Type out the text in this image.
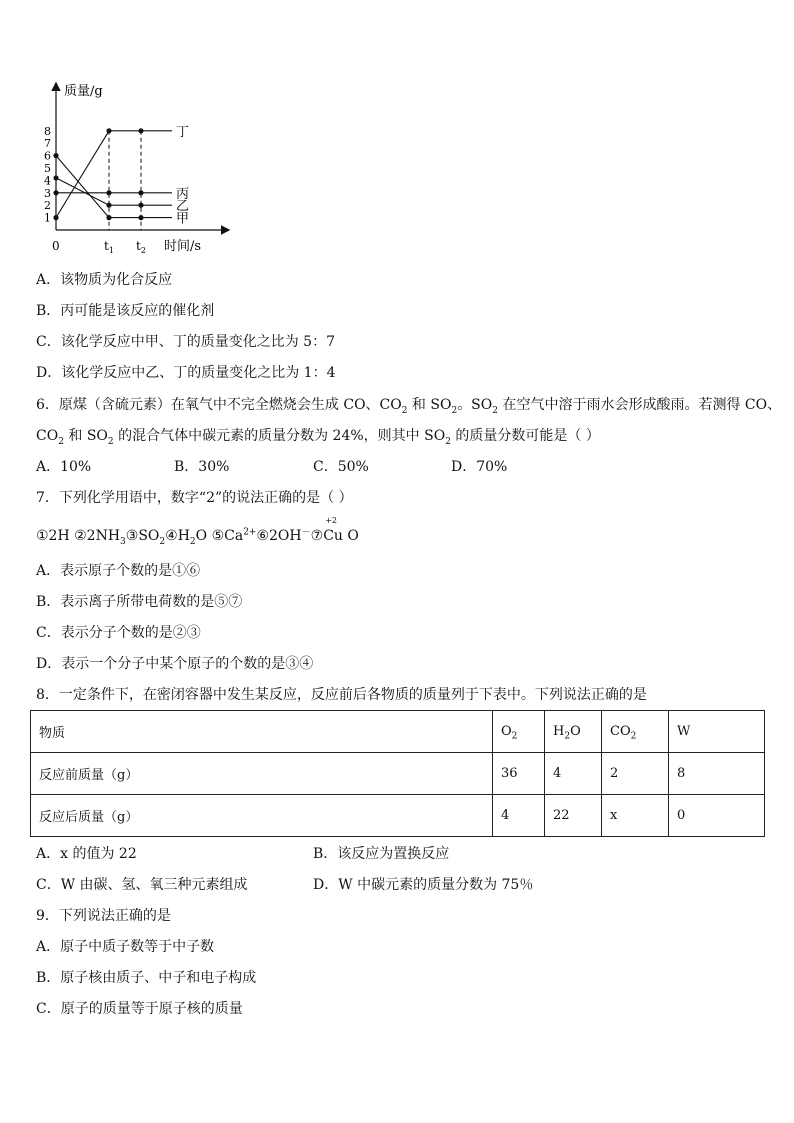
质量/g
时间/s
0
1
2
3
4
5
6
7
8
$t_1$ $t_2$
丁
丙
乙
甲
A．该物质为化合反应
B．丙可能是该反应的催化剂
C．该化学反应中甲、丁的质量变化之比为 5：7
D．该化学反应中乙、丁的质量变化之比为 1：4
6．原煤（含硫元素）在氧气中不完全燃烧会生成 CO、$CO_2$ 和 $SO_2$。$SO_2$ 在空气中溶于雨水会形成酸雨。若测得 CO、
$CO_2$ 和 $SO_2$ 的混合气体中碳元素的质量分数为 24%，则其中 $SO_2$ 的质量分数可能是（ ）
A．10%	B．30%	C．50%	D．70%
7．下列化学用语中，数字“2”的说法正确的是（ ）
①2H $②2NH_3③SO_2④H_2O$ $⑤Ca^{2+}⑥2OH^-⑦$
+2
Cu O
A．表示原子个数的是①⑥
B．表示离子所带电荷数的是⑤⑦
C．表示分子个数的是②③
D．表示一个分子中某个原子的个数的是③④
8．一定条件下，在密闭容器中发生某反应，反应前后各物质的质量列于下表中。下列说法正确的是
物质	$O_2$	$H_2O$	$CO_2$	W
反应前质量（g）	36	4	2	8
反应后质量（g）	4	22	x	0
A．x 的值为 22	B．该反应为置换反应
C．W 由碳、氢、氧三种元素组成	D．W 中碳元素的质量分数为 75％
9．下列说法正确的是
A．原子中质子数等于中子数
B．原子核由质子、中子和电子构成
C．原子的质量等于原子核的质量
